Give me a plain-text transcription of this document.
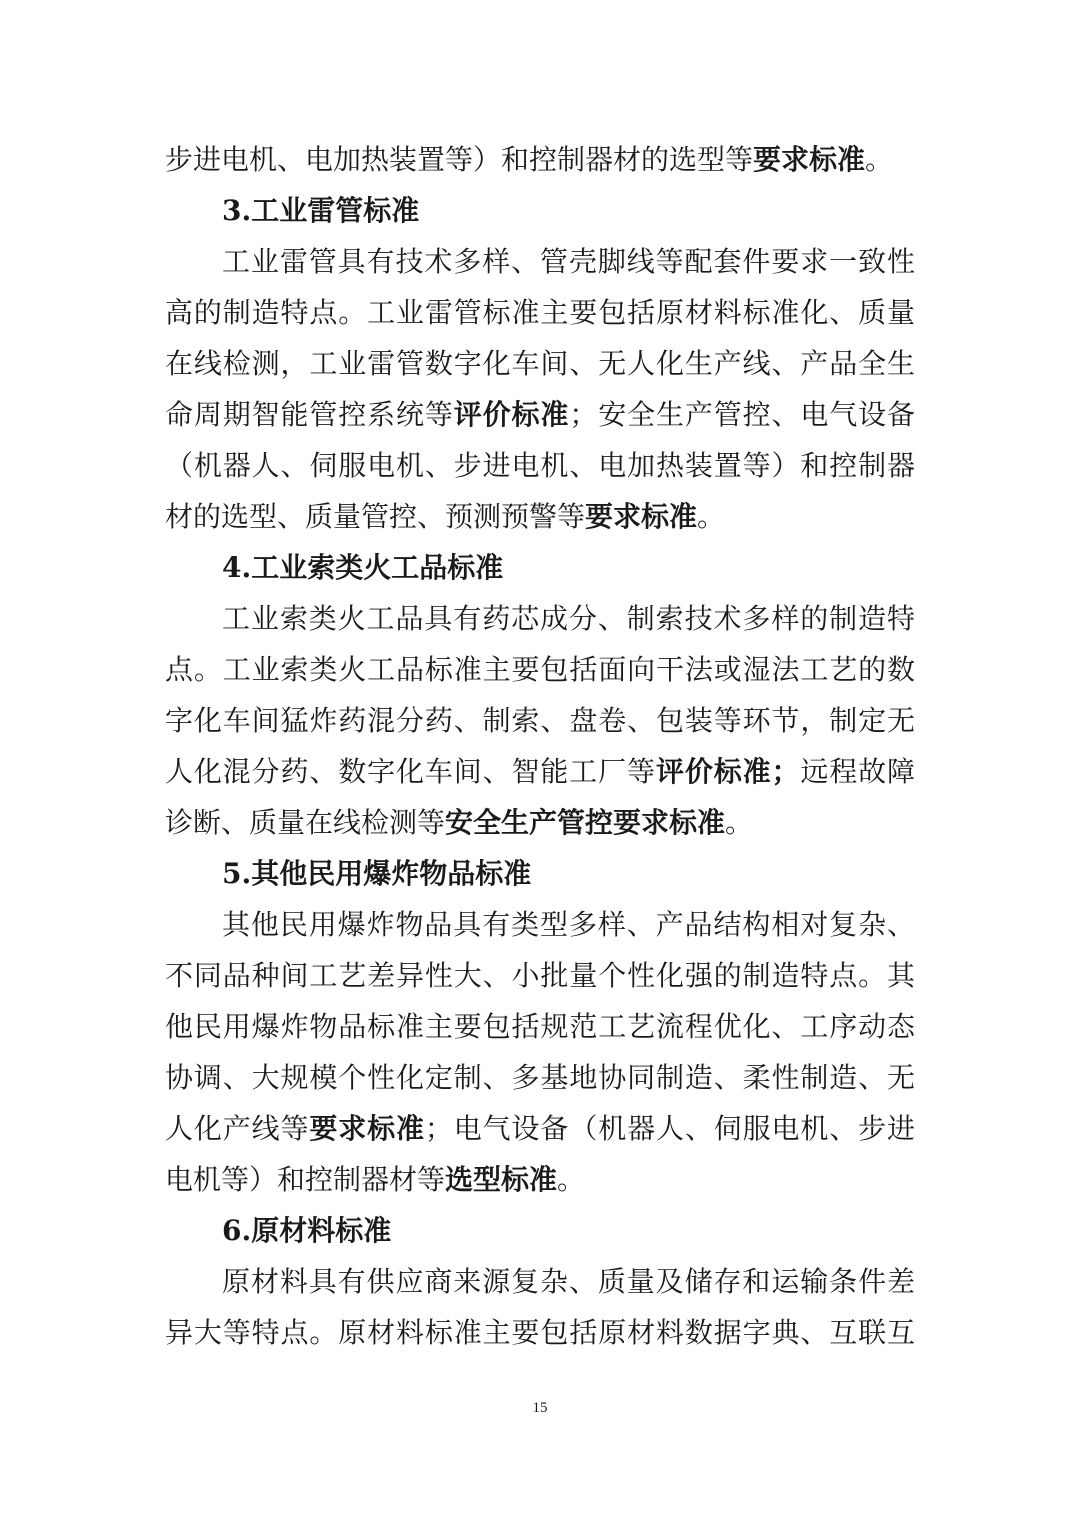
步进电机、电加热装置等）和控制器材的选型等要求标准。
3.工业雷管标准
工业雷管具有技术多样、管壳脚线等配套件要求一致性
高的制造特点。工业雷管标准主要包括原材料标准化、质量
在线检测，工业雷管数字化车间、无人化生产线、产品全生
命周期智能管控系统等评价标准；安全生产管控、电气设备
（机器人、伺服电机、步进电机、电加热装置等）和控制器
材的选型、质量管控、预测预警等要求标准。
4.工业索类火工品标准
工业索类火工品具有药芯成分、制索技术多样的制造特
点。工业索类火工品标准主要包括面向干法或湿法工艺的数
字化车间猛炸药混分药、制索、盘卷、包装等环节，制定无
人化混分药、数字化车间、智能工厂等评价标准；远程故障
诊断、质量在线检测等安全生产管控要求标准。
5.其他民用爆炸物品标准
其他民用爆炸物品具有类型多样、产品结构相对复杂、
不同品种间工艺差异性大、小批量个性化强的制造特点。其
他民用爆炸物品标准主要包括规范工艺流程优化、工序动态
协调、大规模个性化定制、多基地协同制造、柔性制造、无
人化产线等要求标准；电气设备（机器人、伺服电机、步进
电机等）和控制器材等选型标准。
6.原材料标准
原材料具有供应商来源复杂、质量及储存和运输条件差
异大等特点。原材料标准主要包括原材料数据字典、互联互
15
